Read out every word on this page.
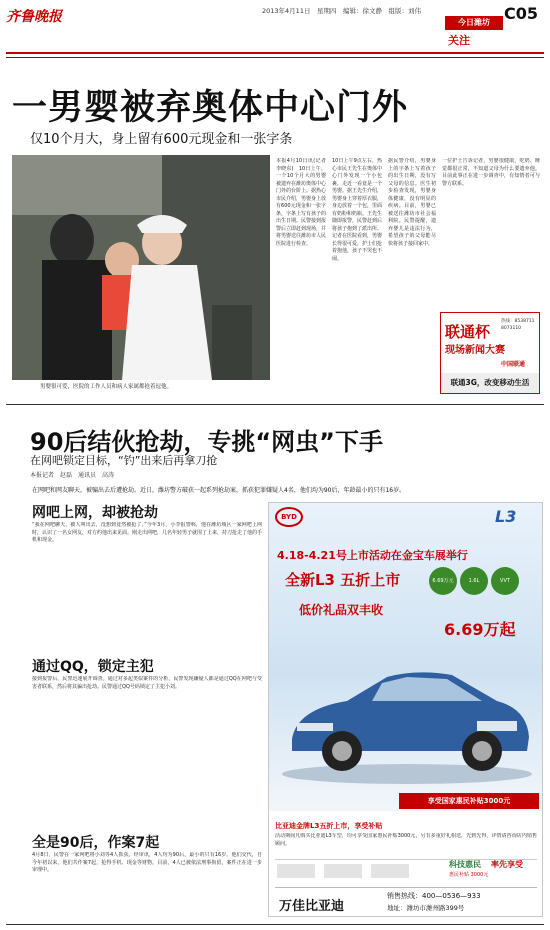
齐鲁晚报	2013年4月11日　星期四　编辑：徐文静　组版：刘伟
今日潍坊
关注
C05
一男婴被弃奥体中心门外
仅10个月大，身上留有600元现金和一张字条
男婴很可爱，医院的工作人员和病人家属都抢着逗他。
本报4月10日讯(记者 李晓东)　10日上午，一个10个月大的男婴被遗弃在潍坊奥体中心门外的台阶上。据热心市民介绍，男婴身上放有600元现金和一张字条，字条上写有孩子的出生日期。民警接到报警后立即赶到现场，并将男婴送往潍坊市人民医院进行检查。
10日上午9点左右，热心市民王先生在奥体中心门外发现一个小包裹，走近一看竟是一个男婴。据王先生介绍，男婴身上穿着厚衣服，身边放着一个包，里面有奶粉和奶瓶。王先生随即报警，民警赶到后将孩子抱到了派出所。记者在医院看到，男婴长得很可爱，护士们抢着抱他，孩子不哭也不闹。
据民警介绍，男婴身上的字条上写着孩子的出生日期，没有写父母的信息。医生初步检查发现，男婴身体健康，没有明显的疾病。目前，男婴已被送往潍坊市社会福利院。民警提醒，遗弃婴儿是违法行为，希望孩子的父母能尽快将孩子接回家中。
一位护士告诉记者，男婴很健康，吃奶、睡觉都很正常，不知道父母为什么要遗弃他。目前此事正在进一步调查中，有知情者可与警方联系。
联通杯
现场新闻大赛
热线：8538711
8073110
中国联通
联通3G，改变移动生活
90后结伙抢劫，专挑“网虫”下手
在网吧锁定目标，“钓”出来后再拿刀抢
本报记者　赵磊　通讯员　高涛
在网吧和网友聊天，被骗出去后遭抢劫。近日，潍坊警方破获一起系列抢劫案，抓获犯罪嫌疑人4名，他们均为90后，年龄最小的只有16岁。
网吧上网，却被抢劫
“我在网吧聊天，被人叫出去，没想到竟然被抢了。”今年3月，小李报警称，他在潍坊城区一家网吧上网时，认识了一名女网友，对方约他出来见面。刚走出网吧，几名年轻男子就围了上来，持刀抢走了他的手机和现金。
通过QQ，锁定主犯
接到报警后，民警迅速展开调查。通过对多起类似案件的分析，民警发现嫌疑人都是通过QQ在网吧与受害者联系，然后将其骗出抢劫。民警通过QQ号码锁定了主犯小刘。
全是90后，作案7起
4月8日，民警在一家网吧将小刘等4人抓获。经审讯，4人均为90后，最小的只有16岁。他们交代，自今年初以来，他们共作案7起，抢得手机、现金等财物。目前，4人已被依法刑事拘留，案件正在进一步审理中。
BYD	L3
4.18-4.21号上市活动在金宝车展举行
全新L3 五折上市	6.69万元	1.6L	VVT
低价礼品双丰收
6.69万起
享受国家惠民补贴3000元
比亚迪金牌L3五折上市，享受补贴
活动期间凡购买比亚迪L3车型，均可享受国家惠民补贴3000元，另有多重好礼相送，先到先得，详情请咨询店内销售顾问。

科技惠民 率先享受
惠民补贴 3000元
万佳比亚迪
销售热线：400—0536—933
地址：潍坊市潍州路399号
